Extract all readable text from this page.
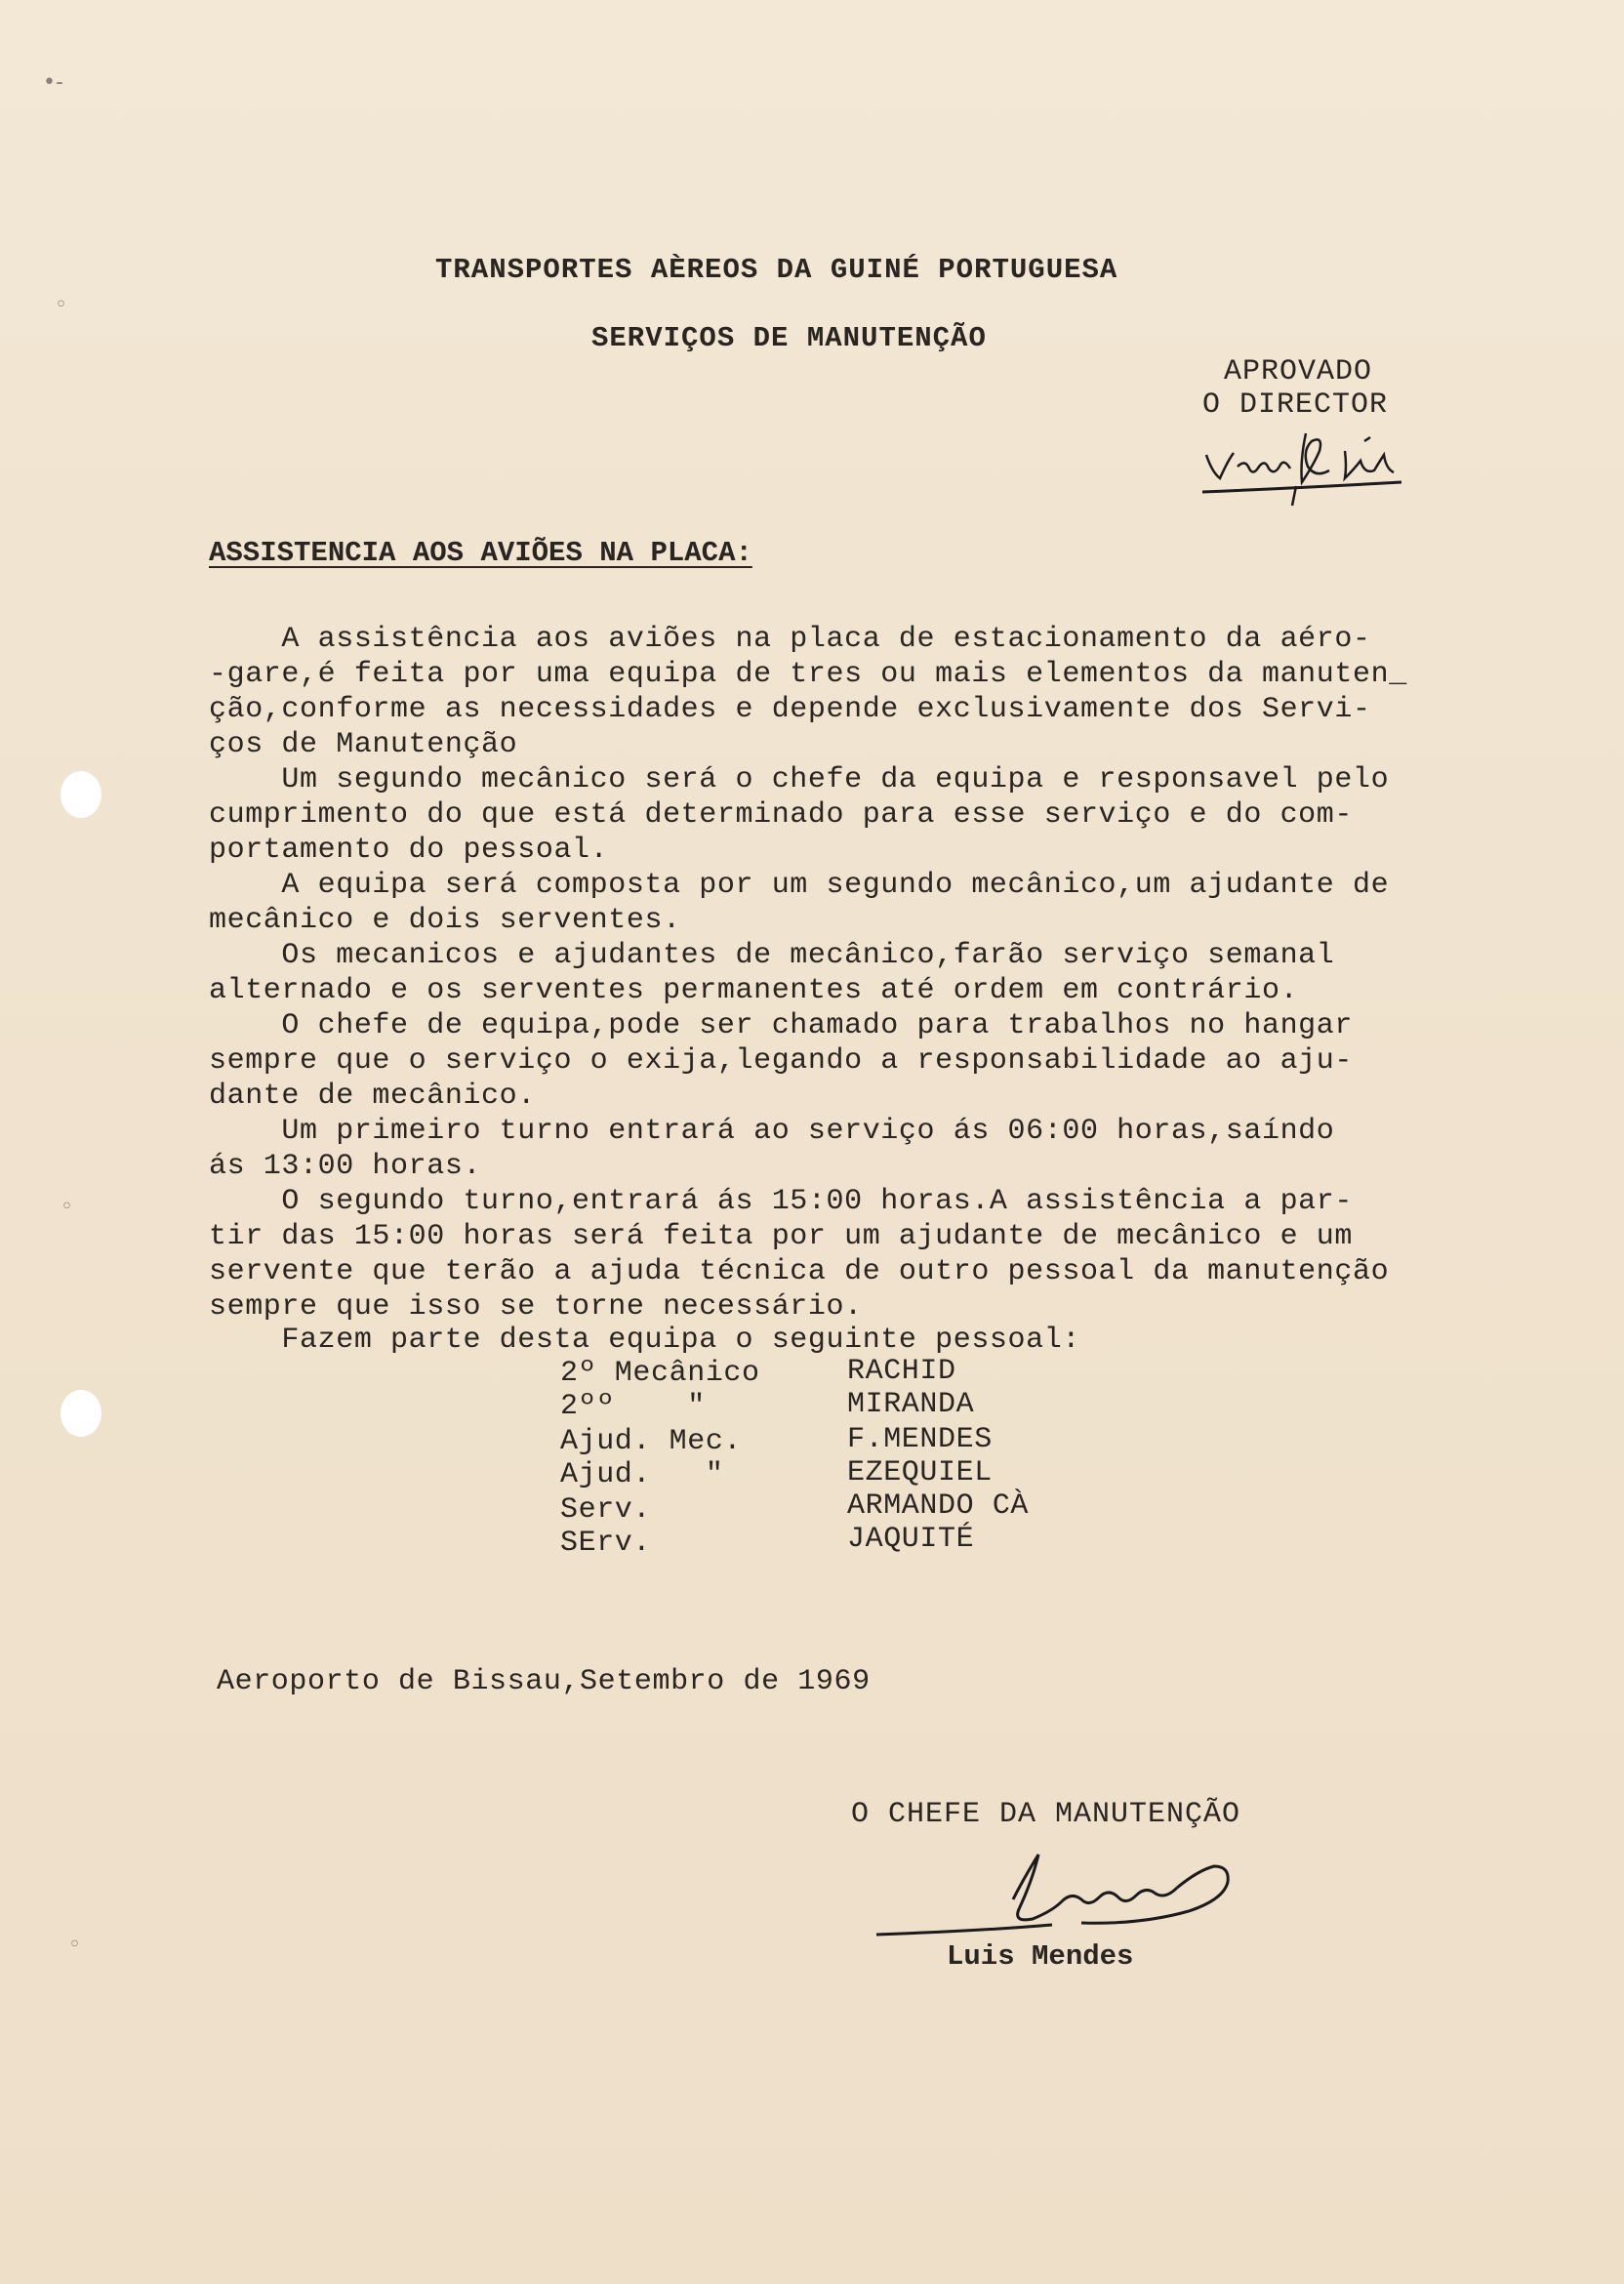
•-
◦
◦
◦
TRANSPORTES AÈREOS DA GUINÉ PORTUGUESA
SERVIÇOS DE MANUTENÇÃO
APROVADO
O DIRECTOR
ASSISTENCIA AOS AVIÕES NA PLACA:
A assistência aos aviões na placa de estacionamento da aéro-
-gare,é feita por uma equipa de tres ou mais elementos da manuten_
ção,conforme as necessidades e depende exclusivamente dos Servi-
ços de Manutenção
Um segundo mecânico será o chefe da equipa e responsavel pelo
cumprimento do que está determinado para esse serviço e do com-
portamento do pessoal.
A equipa será composta por um segundo mecânico,um ajudante de
mecânico e dois serventes.
Os mecanicos e ajudantes de mecânico,farão serviço semanal
alternado e os serventes permanentes até ordem em contrário.
O chefe de equipa,pode ser chamado para trabalhos no hangar
sempre que o serviço o exija,legando a responsabilidade ao aju-
dante de mecânico.
Um primeiro turno entrará ao serviço ás 06:00 horas,saíndo
ás 13:00 horas.
O segundo turno,entrará ás 15:00 horas.A assistência a par-
tir das 15:00 horas será feita por um ajudante de mecânico e um
servente que terão a ajuda técnica de outro pessoal da manutenção
sempre que isso se torne necessário.
Fazem parte desta equipa o seguinte pessoal:
2º Mecânico	RACHID
2ºº    "	MIRANDA
Ajud. Mec.	F.MENDES
Ajud.   "	EZEQUIEL
Serv.	ARMANDO CÀ
SErv.	JAQUITÉ
Aeroporto de Bissau,Setembro de 1969
O CHEFE DA MANUTENÇÃO
Luis Mendes
